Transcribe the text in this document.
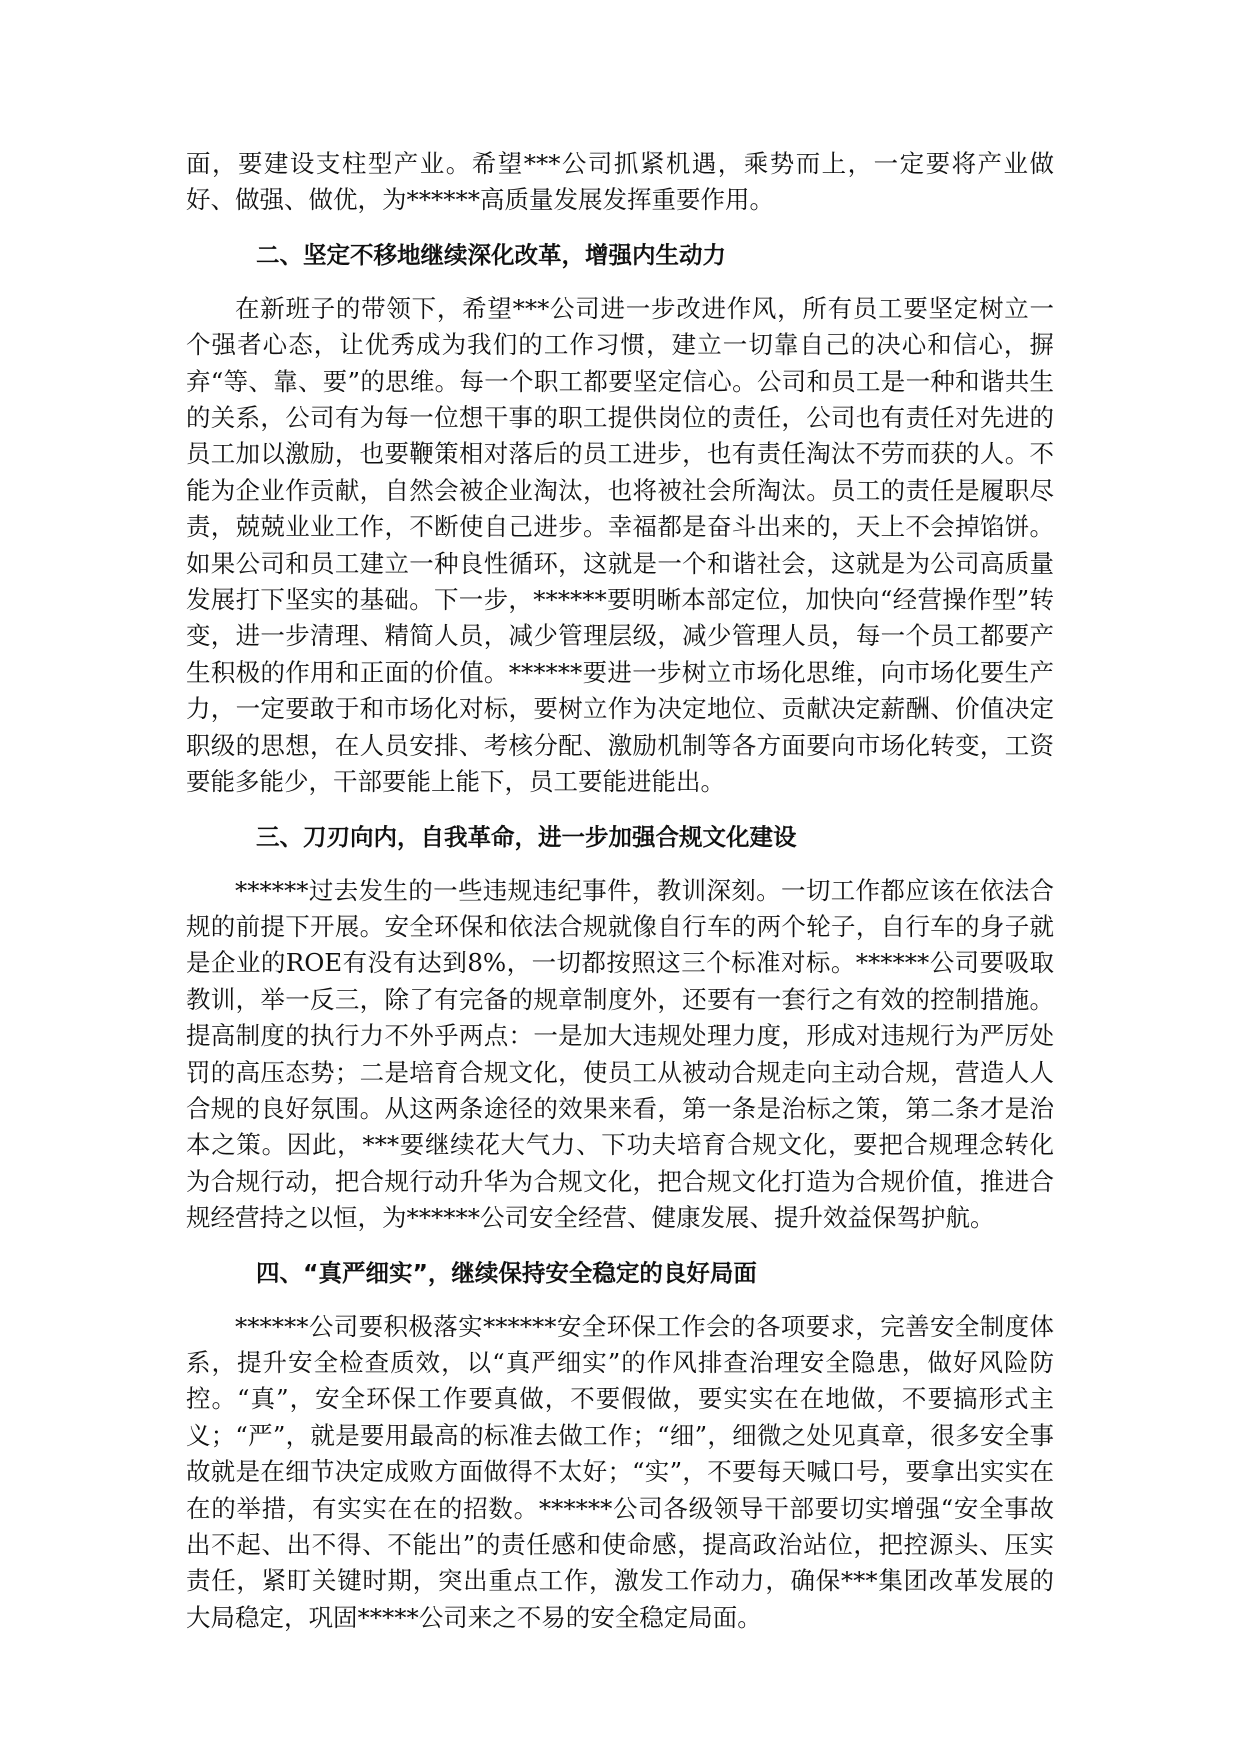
面，要建设支柱型产业。希望***公司抓紧机遇，乘势而上，一定要将产业做好、做强、做优，为******高质量发展发挥重要作用。

二、坚定不移地继续深化改革，增强内生动力

在新班子的带领下，希望***公司进一步改进作风，所有员工要坚定树立一个强者心态，让优秀成为我们的工作习惯，建立一切靠自己的决心和信心，摒弃“等、靠、要”的思维。每一个职工都要坚定信心。公司和员工是一种和谐共生的关系，公司有为每一位想干事的职工提供岗位的责任，公司也有责任对先进的员工加以激励，也要鞭策相对落后的员工进步，也有责任淘汰不劳而获的人。不能为企业作贡献，自然会被企业淘汰，也将被社会所淘汰。员工的责任是履职尽责，兢兢业业工作，不断使自己进步。幸福都是奋斗出来的，天上不会掉馅饼。如果公司和员工建立一种良性循环，这就是一个和谐社会，这就是为公司高质量发展打下坚实的基础。下一步，******要明晰本部定位，加快向“经营操作型”转变，进一步清理、精简人员，减少管理层级，减少管理人员，每一个员工都要产生积极的作用和正面的价值。******要进一步树立市场化思维，向市场化要生产力，一定要敢于和市场化对标，要树立作为决定地位、贡献决定薪酬、价值决定职级的思想，在人员安排、考核分配、激励机制等各方面要向市场化转变，工资要能多能少，干部要能上能下，员工要能进能出。

三、刀刃向内，自我革命，进一步加强合规文化建设

******过去发生的一些违规违纪事件，教训深刻。一切工作都应该在依法合规的前提下开展。安全环保和依法合规就像自行车的两个轮子，自行车的身子就是企业的ROE有没有达到8%，一切都按照这三个标准对标。******公司要吸取教训，举一反三，除了有完备的规章制度外，还要有一套行之有效的控制措施。提高制度的执行力不外乎两点：一是加大违规处理力度，形成对违规行为严厉处罚的高压态势；二是培育合规文化，使员工从被动合规走向主动合规，营造人人合规的良好氛围。从这两条途径的效果来看，第一条是治标之策，第二条才是治本之策。因此，***要继续花大气力、下功夫培育合规文化，要把合规理念转化为合规行动，把合规行动升华为合规文化，把合规文化打造为合规价值，推进合规经营持之以恒，为******公司安全经营、健康发展、提升效益保驾护航。

四、“真严细实”，继续保持安全稳定的良好局面

******公司要积极落实******安全环保工作会的各项要求，完善安全制度体系，提升安全检查质效，以“真严细实”的作风排查治理安全隐患，做好风险防控。“真”，安全环保工作要真做，不要假做，要实实在在地做，不要搞形式主义；“严”，就是要用最高的标准去做工作；“细”，细微之处见真章，很多安全事故就是在细节决定成败方面做得不太好；“实”，不要每天喊口号，要拿出实实在在的举措，有实实在在的招数。******公司各级领导干部要切实增强“安全事故出不起、出不得、不能出”的责任感和使命感，提高政治站位，把控源头、压实责任，紧盯关键时期，突出重点工作，激发工作动力，确保***集团改革发展的大局稳定，巩固*****公司来之不易的安全稳定局面。
